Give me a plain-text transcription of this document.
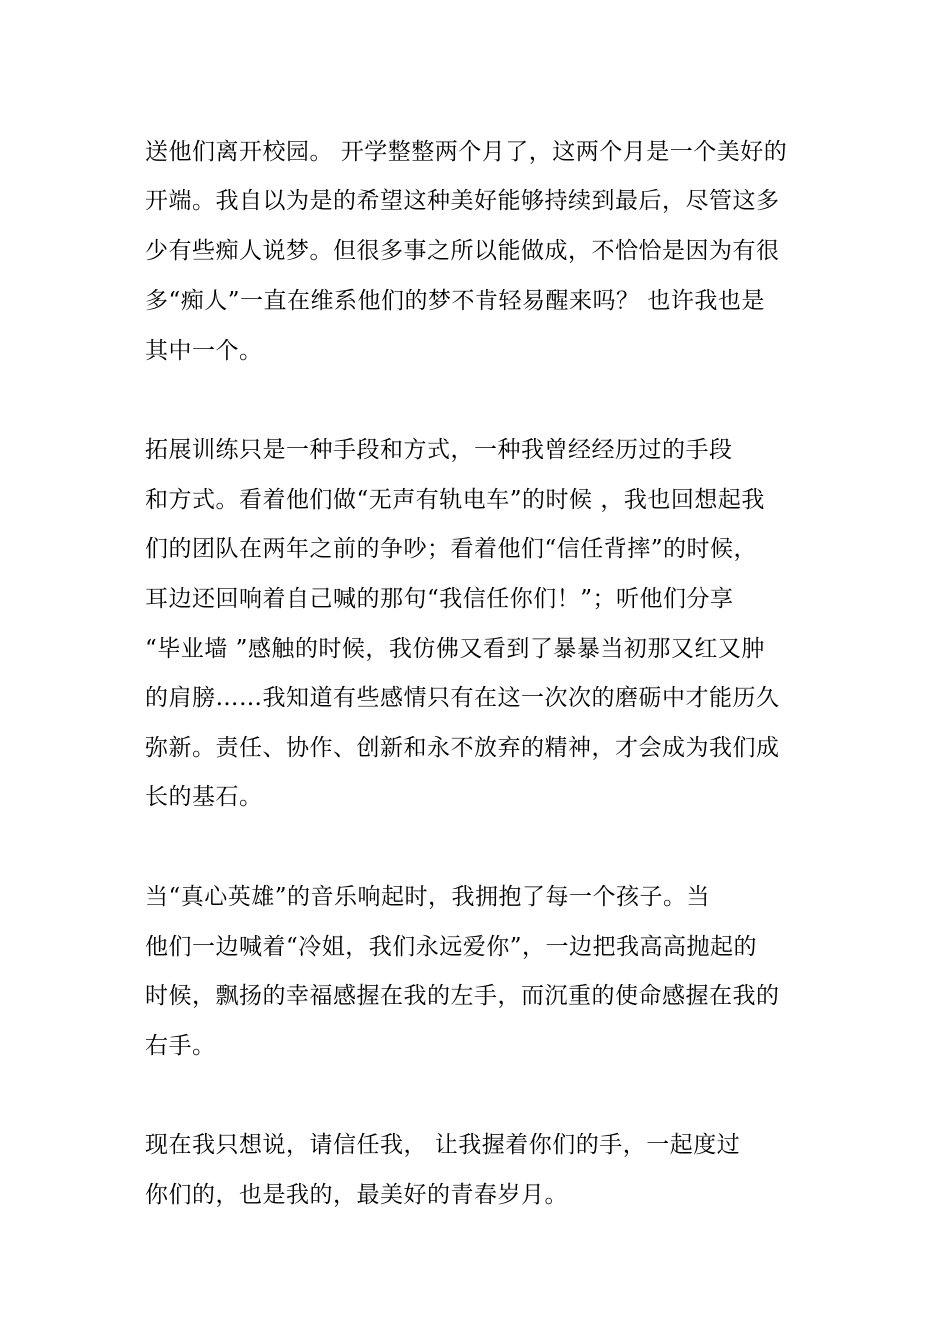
送他们离开校园。 开学整整两个月了，这两个月是一个美好的
开端。我自以为是的希望这种美好能够持续到最后，尽管这多
少有些痴人说梦。但很多事之所以能做成，不恰恰是因为有很
多“痴人”一直在维系他们的梦不肯轻易醒来吗？ 也许我也是
其中一个。
拓展训练只是一种手段和方式，一种我曾经经历过的手段
和方式。看着他们做“无声有轨电车”的时候 ，我也回想起我
们的团队在两年之前的争吵；看着他们“信任背摔”的时候，
耳边还回响着自己喊的那句“我信任你们！”；听他们分享
“毕业墙 ”感触的时候，我仿佛又看到了暴暴当初那又红又肿
的肩膀……我知道有些感情只有在这一次次的磨砺中才能历久
弥新。责任、协作、创新和永不放弃的精神，才会成为我们成
长的基石。
当“真心英雄”的音乐响起时，我拥抱了每一个孩子。当
他们一边喊着“冷姐，我们永远爱你”，一边把我高高抛起的
时候，飘扬的幸福感握在我的左手，而沉重的使命感握在我的
右手。
现在我只想说，请信任我， 让我握着你们的手，一起度过
你们的，也是我的，最美好的青春岁月。
